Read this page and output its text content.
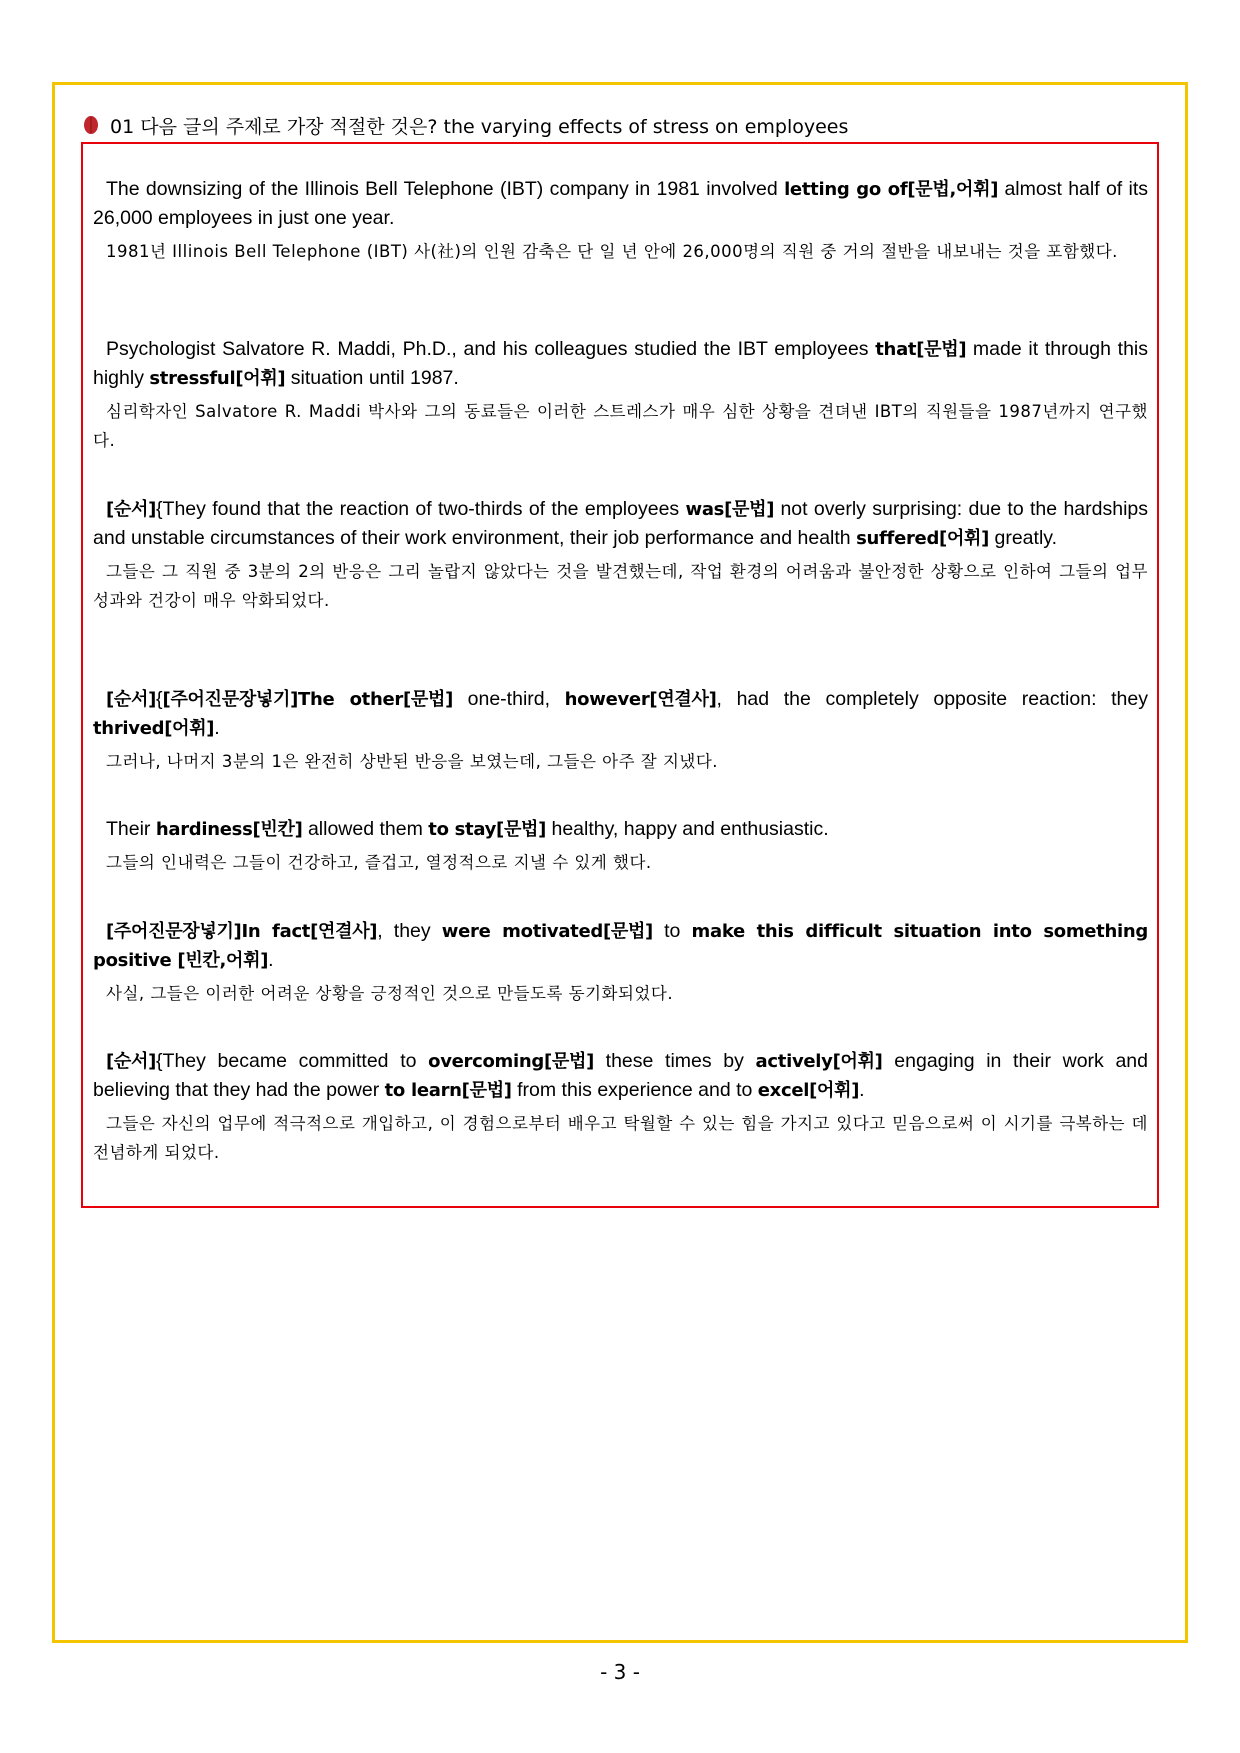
01 다음 글의 주제로 가장 적절한 것은? the varying effects of stress on employees

The downsizing of the Illinois Bell Telephone (IBT) company in 1981 involved letting go of[문법,어휘] almost half of its 26,000 employees in just one year.

1981년 Illinois Bell Telephone (IBT) 사(社)의 인원 감축은 단 일 년 안에 26,000명의 직원 중 거의 절반을 내보내는 것을 포함했다.

Psychologist Salvatore R. Maddi, Ph.D., and his colleagues studied the IBT employees that[문법] made it through this highly stressful[어휘] situation until 1987.

심리학자인 Salvatore R. Maddi 박사와 그의 동료들은 이러한 스트레스가 매우 심한 상황을 견뎌낸 IBT의 직원들을 1987년까지 연구했다.

[순서]{They found that the reaction of two-thirds of the employees was[문법] not overly surprising: due to the hardships and unstable circumstances of their work environment, their job performance and health suffered[어휘] greatly.

그들은 그 직원 중 3분의 2의 반응은 그리 놀랍지 않았다는 것을 발견했는데, 작업 환경의 어려움과 불안정한 상황으로 인하여 그들의 업무 성과와 건강이 매우 악화되었다.

[순서]{[주어진문장넣기]The other[문법] one-third, however[연결사], had the completely opposite reaction: they thrived[어휘].

그러나, 나머지 3분의 1은 완전히 상반된 반응을 보였는데, 그들은 아주 잘 지냈다.

Their hardiness[빈칸] allowed them to stay[문법] healthy, happy and enthusiastic.

그들의 인내력은 그들이 건강하고, 즐겁고, 열정적으로 지낼 수 있게 했다.

[주어진문장넣기]In fact[연결사], they were motivated[문법] to make this difficult situation into something positive [빈칸,어휘].

사실, 그들은 이러한 어려운 상황을 긍정적인 것으로 만들도록 동기화되었다.

[순서]{They became committed to overcoming[문법] these times by actively[어휘] engaging in their work and believing that they had the power to learn[문법] from this experience and to excel[어휘].

그들은 자신의 업무에 적극적으로 개입하고, 이 경험으로부터 배우고 탁월할 수 있는 힘을 가지고 있다고 믿음으로써 이 시기를 극복하는 데 전념하게 되었다.

- 3 -
